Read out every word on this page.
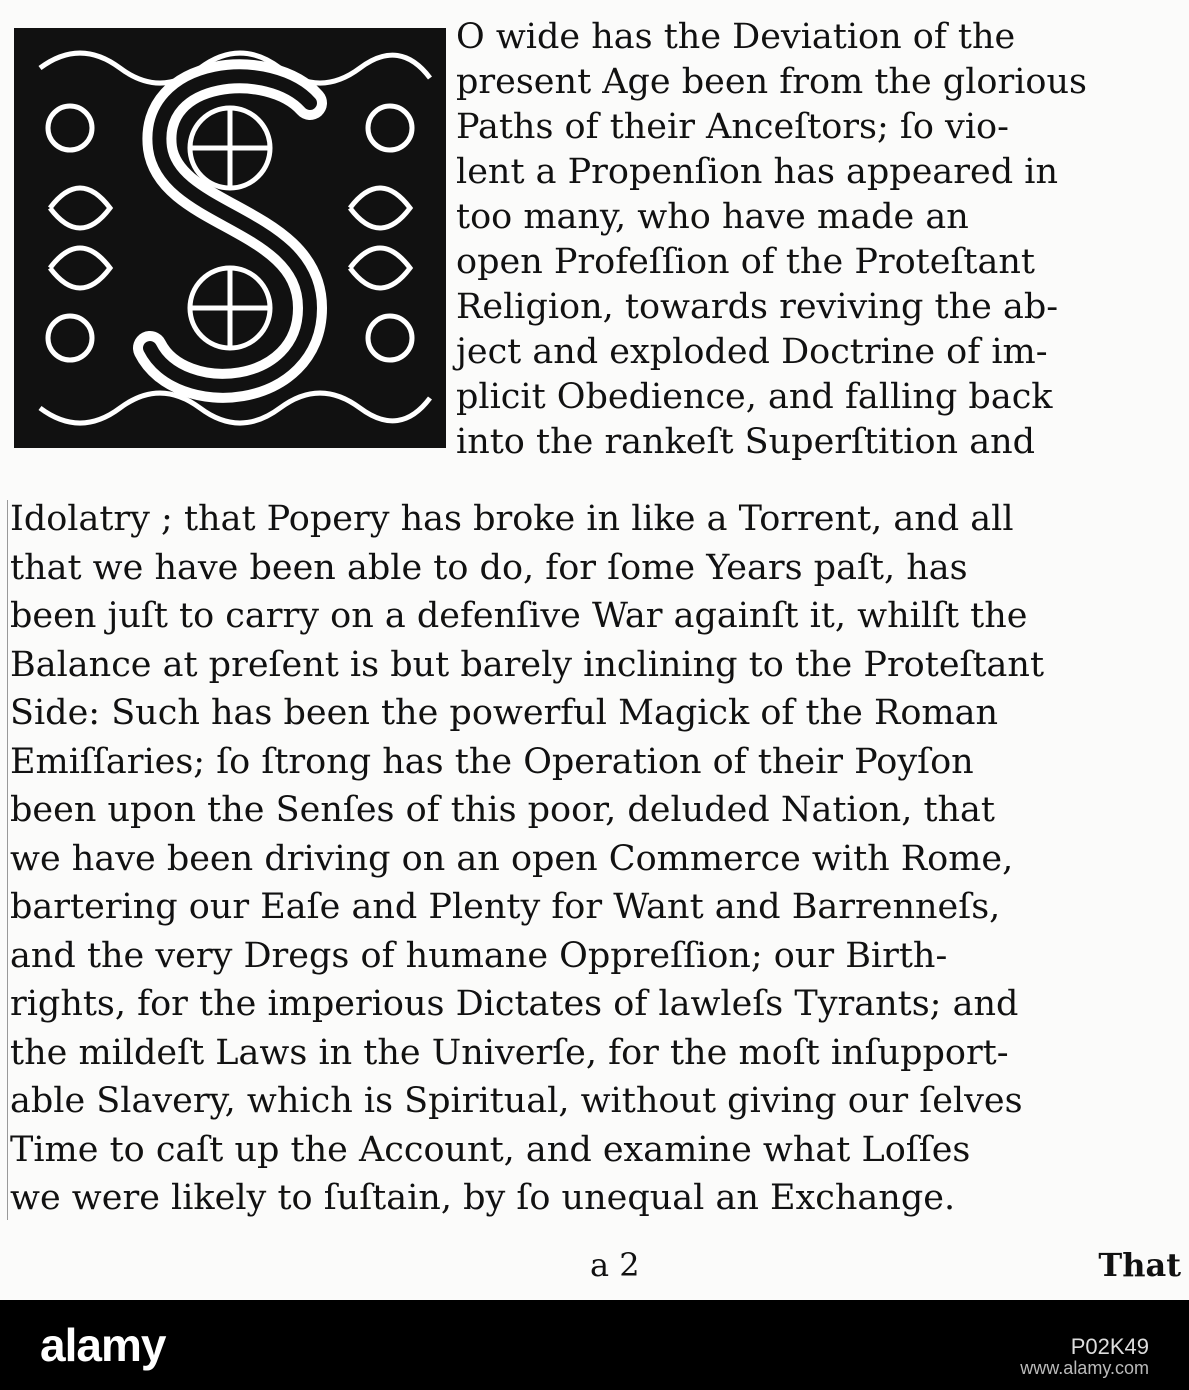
O wide has the Deviation of the
present Age been from the glorious
Paths of their Anceſtors; ſo vio-
lent a Propenſion has appeared in
too many, who have made an
open Profeſſion of the Proteſtant
Religion, towards reviving the ab-
ject and exploded Doctrine of im-
plicit Obedience, and falling back
into the rankeſt Superſtition and
Idolatry ; that Popery has broke in like a Torrent, and all
that we have been able to do, for ſome Years paſt, has
been juſt to carry on a defenſive War againſt it, whilſt the
Balance at preſent is but barely inclining to the Proteſtant
Side: Such has been the powerful Magick of the Roman
Emiſſaries; ſo ſtrong has the Operation of their Poyſon
been upon the Senſes of this poor, deluded Nation, that
we have been driving on an open Commerce with Rome,
bartering our Eaſe and Plenty for Want and Barrenneſs,
and the very Dregs of humane Oppreſſion; our Birth-
rights, for the imperious Dictates of lawleſs Tyrants; and
the mildeſt Laws in the Univerſe, for the moſt inſupport-
able Slavery, which is Spiritual, without giving our ſelves
Time to caſt up the Account, and examine what Loſſes
we were likely to ſuſtain, by ſo unequal an Exchange.
a 2	That
alamy	P02K49
www.alamy.com
